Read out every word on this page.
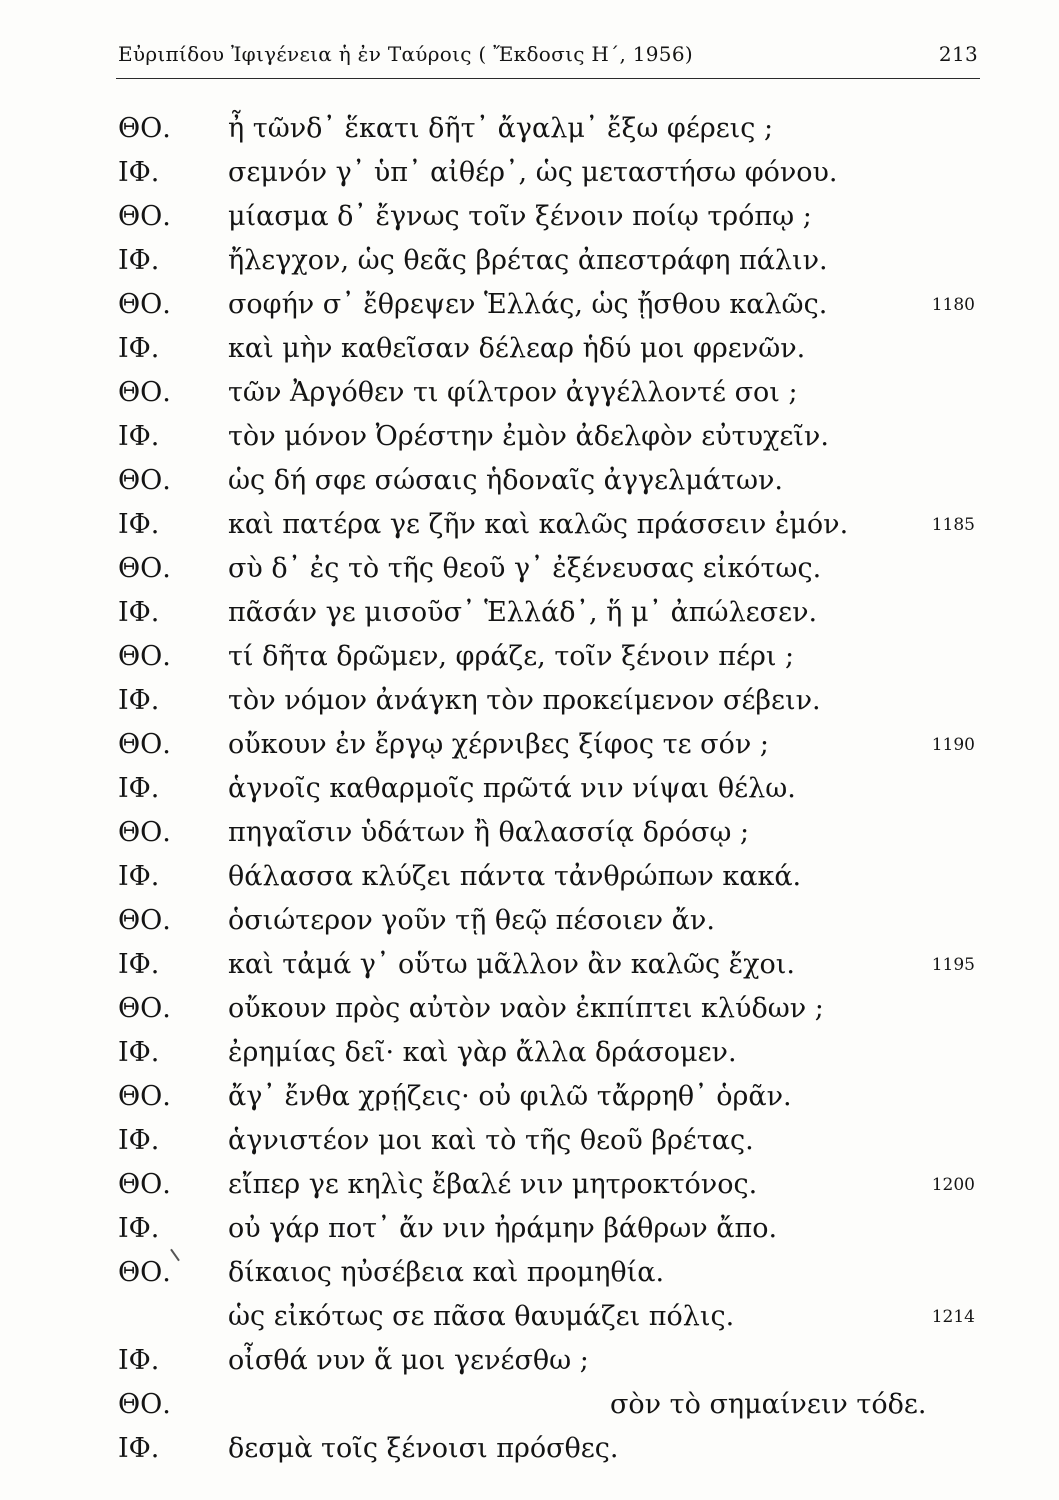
Εὐριπίδου Ἰφιγένεια ἡ ἐν Ταύροις ( Ἔκδοσις Η΄, 1956)	213
ΘΟ.	ἦ τῶνδ᾽ ἕκατι δῆτ᾽ ἄγαλμ᾽ ἔξω φέρεις ;
ΙΦ.	σεμνόν γ᾽ ὑπ᾽ αἰθέρ᾽, ὡς μεταστήσω φόνου.
ΘΟ.	μίασμα δ᾽ ἔγνως τοῖν ξένοιν ποίῳ τρόπῳ ;
ΙΦ.	ἤλεγχον, ὡς θεᾶς βρέτας ἀπεστράφη πάλιν.
ΘΟ.	σοφήν σ᾽ ἔθρεψεν Ἑλλάς, ὡς ᾔσθου καλῶς.	1180
ΙΦ.	καὶ μὴν καθεῖσαν δέλεαρ ἡδύ μοι φρενῶν.
ΘΟ.	τῶν Ἀργόθεν τι φίλτρον ἀγγέλλοντέ σοι ;
ΙΦ.	τὸν μόνον Ὀρέστην ἐμὸν ἀδελφὸν εὐτυχεῖν.
ΘΟ.	ὡς δή σφε σώσαις ἡδοναῖς ἀγγελμάτων.
ΙΦ.	καὶ πατέρα γε ζῆν καὶ καλῶς πράσσειν ἐμόν.	1185
ΘΟ.	σὺ δ᾽ ἐς τὸ τῆς θεοῦ γ᾽ ἐξένευσας εἰκότως.
ΙΦ.	πᾶσάν γε μισοῦσ᾽ Ἑλλάδ᾽, ἥ μ᾽ ἀπώλεσεν.
ΘΟ.	τί δῆτα δρῶμεν, φράζε, τοῖν ξένοιν πέρι ;
ΙΦ.	τὸν νόμον ἀνάγκη τὸν προκείμενον σέβειν.
ΘΟ.	οὔκουν ἐν ἔργῳ χέρνιβες ξίφος τε σόν ;	1190
ΙΦ.	ἁγνοῖς καθαρμοῖς πρῶτά νιν νίψαι θέλω.
ΘΟ.	πηγαῖσιν ὑδάτων ἢ θαλασσίᾳ δρόσῳ ;
ΙΦ.	θάλασσα κλύζει πάντα τἀνθρώπων κακά.
ΘΟ.	ὁσιώτερον γοῦν τῇ θεῷ πέσοιεν ἄν.
ΙΦ.	καὶ τἀμά γ᾽ οὕτω μᾶλλον ἂν καλῶς ἔχοι.	1195
ΘΟ.	οὔκουν πρὸς αὐτὸν ναὸν ἐκπίπτει κλύδων ;
ΙΦ.	ἐρημίας δεῖ· καὶ γὰρ ἄλλα δράσομεν.
ΘΟ.	ἄγ᾽ ἔνθα χρῄζεις· οὐ φιλῶ τἄρρηθ᾽ ὁρᾶν.
ΙΦ.	ἁγνιστέον μοι καὶ τὸ τῆς θεοῦ βρέτας.
ΘΟ.	εἴπερ γε κηλὶς ἔβαλέ νιν μητροκτόνος.	1200
ΙΦ.	οὐ γάρ ποτ᾽ ἄν νιν ἠράμην βάθρων ἄπο.
ΘΟ.	δίκαιος ηὐσέβεια καὶ προμηθία.
ὡς εἰκότως σε πᾶσα θαυμάζει πόλις.	1214
ΙΦ.	οἶσθά νυν ἅ μοι γενέσθω ;
ΘΟ.	σὸν τὸ σημαίνειν τόδε.
ΙΦ.	δεσμὰ τοῖς ξένοισι πρόσθες.
